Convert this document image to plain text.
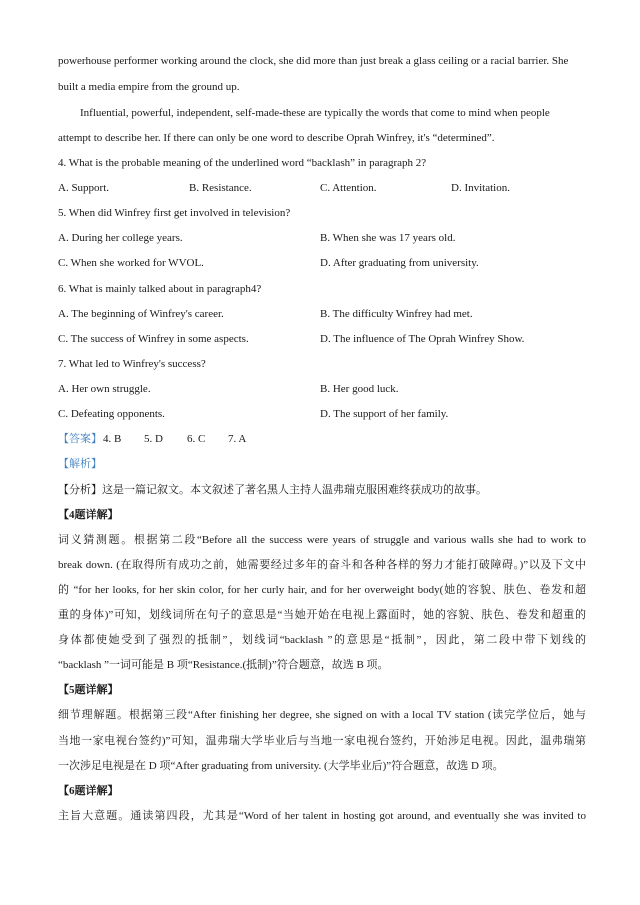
powerhouse performer working around the clock, she did more than just break a glass ceiling or a racial barrier. She
built a media empire from the ground up.
Influential, powerful, independent, self-made-these are typically the words that come to mind when people
attempt to describe her. If there can only be one word to describe Oprah Winfrey, it's “determined”.
4. What is the probable meaning of the underlined word “backlash” in paragraph 2?
A. Support.	B. Resistance.	C. Attention.	D. Invitation.
5. When did Winfrey first get involved in television?
A. During her college years.	B. When she was 17 years old.
C. When she worked for WVOL.	D. After graduating from university.
6. What is mainly talked about in paragraph4?
A. The beginning of Winfrey's career.	B. The difficulty Winfrey had met.
C. The success of Winfrey in some aspects.	D. The influence of The Oprah Winfrey Show.
7. What led to Winfrey's success?
A. Her own struggle.	B. Her good luck.
C. Defeating opponents.	D. The support of her family.
【答案】 4. B 5. D 6. C 7. A
【解析】
【分析】这是一篇记叙文。本文叙述了著名黑人主持人温弗瑞克服困难终获成功的故事。
【4题详解】
词义猜测题。根据第二段“Before all the success were years of struggle and various walls she had to work to
break down. (在取得所有成功之前，她需要经过多年的奋斗和各种各样的努力才能打破障碍。)”以及下文中
的 “for her looks, for her skin color, for her curly hair, and for her overweight body(她的容貌、肤色、卷发和超
重的身体)”可知，划线词所在句子的意思是“当她开始在电视上露面时，她的容貌、肤色、卷发和超重的
身体都使她受到了强烈的抵制”，划线词“backlash ”的意思是“抵制”，因此，第二段中带下划线的
“backlash ”一词可能是 B 项“Resistance.(抵制)”符合题意，故选 B 项。
【5题详解】
细节理解题。根据第三段“After finishing her degree, she signed on with a local TV station (读完学位后，她与
当地一家电视台签约)”可知，温弗瑞大学毕业后与当地一家电视台签约，开始涉足电视。因此，温弗瑞第
一次涉足电视是在 D 项“After graduating from university. (大学毕业后)”符合题意，故选 D 项。
【6题详解】
主旨大意题。通读第四段，尤其是“Word of her talent in hosting got around, and eventually she was invited to
